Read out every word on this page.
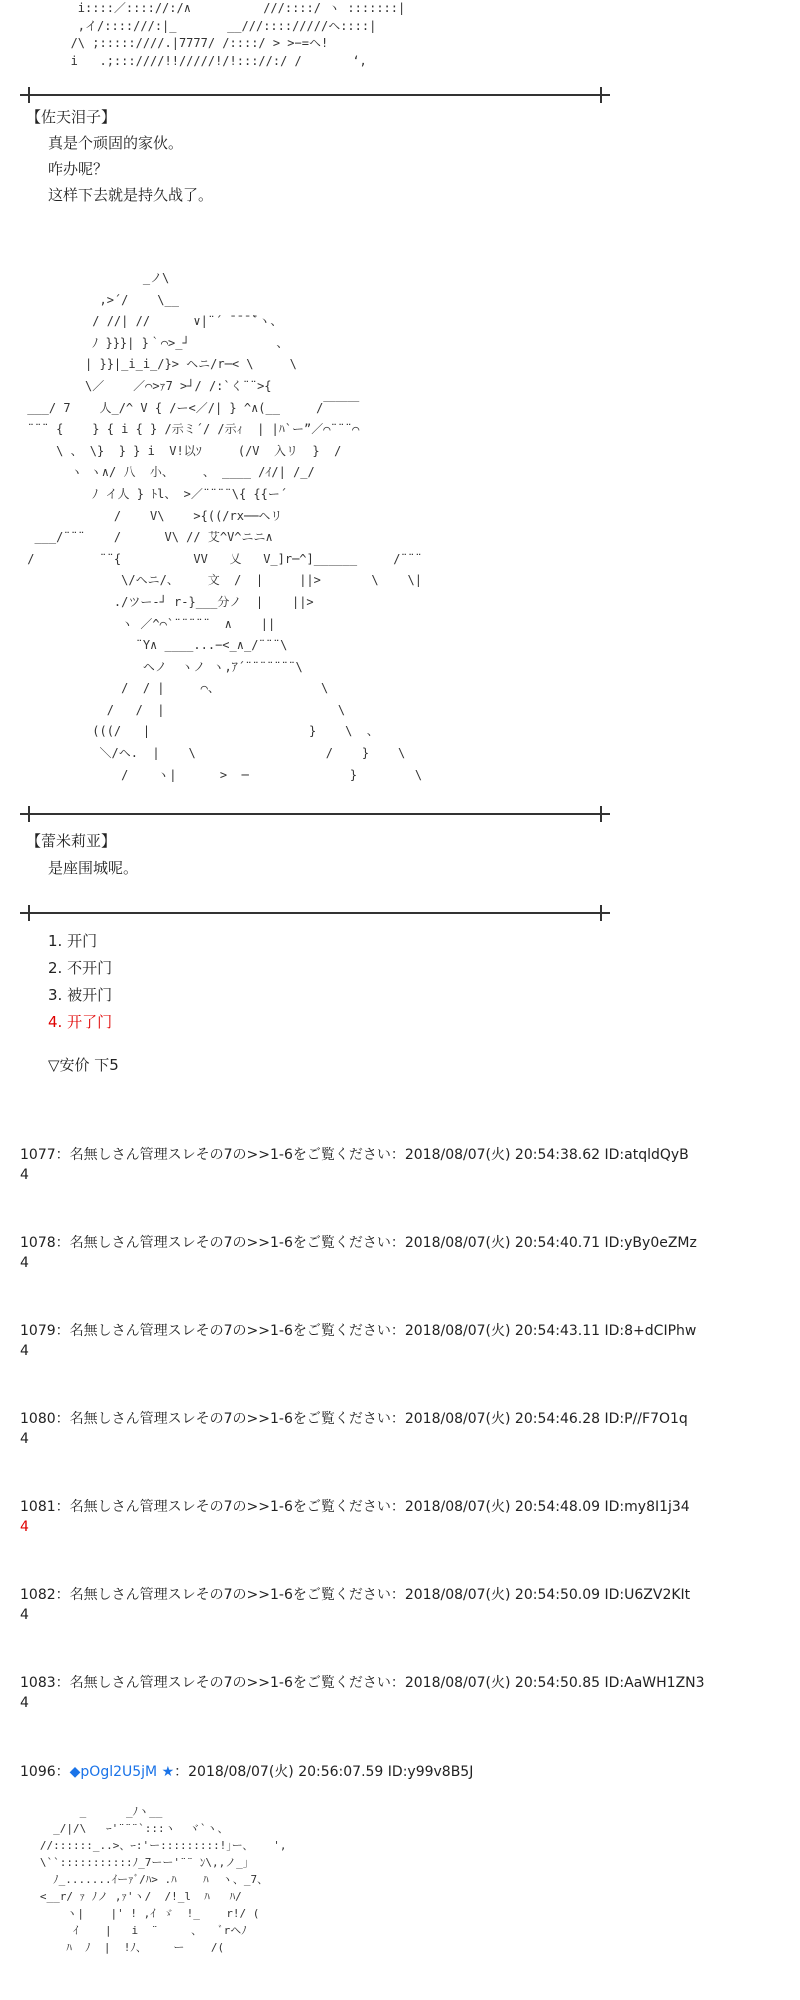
i::::／:::://:/∧          ///::::/ ヽ :::::::|
,イ/::::///:|_       __///:::://///ヘ::::|
/\ ;:::::////.|7777/ /::::/ > >−=ヘ!
i   .;:::////!!/////!/!::://:/ /       ‘,
【佐天泪子】
真是个顽固的家伙。
咋办呢？
这样下去就是持久战了。
_ノ\
,>´/    \__
/ //| //      ∨|¨´ ̄ ̄ ̄ ̄`ヽ、
ﾉ }}}| }｀⌒>_┘            、
| }}|_i_i_/}> ヘニ/r─< \     \
\／    ／⌒>ｧ7 >┘/ /:`く¨¨>{
___/ 7    人_/^ V { /ー<／/| } ^∧(__     /￣￣￣
¨¨¨ {    } { i { } /示ミ´/ /示ｨ  | |ﾊ`ー”／⌒¨¨¨⌒
\ 、 \}  } } i  V!以ｿ     (/V  入リ  }  /
ヽ ヽ∧/ 八  小、    、 ____ /ｲ/| /_/
ﾉ イ人 } ﾄl、 >／¨¨¨¨\{ {{ー´
/    V\    >{((/rx──ヘリ
___/¨¨¨    /      V\ // 艾^V^ニニ∧
/         ¨¨{          VV   乂   V_]r─^]______     /¨¨¨
\/ヘニ/、    文  /  |     ||>       \    \|
./ツー‐┘ r-}___分ノ  |    ||>
ヽ ／^⌒`¨¨¨¨¨  ∧    ||
¨Y∧ ____...−<_∧_/¨¨¨\
ヘノ  ヽノ ヽ,ｱ´¨¨¨¨¨¨¨\
/  / |     ⌒、              \
/   /  |                        \
(((/   |                      }    \  、
＼/ヘ.  |    \                  /    }    \
/    ヽ|      >  ─              }        \
【蕾米莉亚】
是座围城呢。
1. 开门
2. 不开门
3. 被开门
4. 开了门
▽安价 下5
1077：名無しさん管理スレその7の>>1-6をご覧ください：2018/08/07(火) 20:54:38.62 ID:atqldQyB
4
1078：名無しさん管理スレその7の>>1-6をご覧ください：2018/08/07(火) 20:54:40.71 ID:yBy0eZMz
4
1079：名無しさん管理スレその7の>>1-6をご覧ください：2018/08/07(火) 20:54:43.11 ID:8+dCIPhw
4
1080：名無しさん管理スレその7の>>1-6をご覧ください：2018/08/07(火) 20:54:46.28 ID:P//F7O1q
4
1081：名無しさん管理スレその7の>>1-6をご覧ください：2018/08/07(火) 20:54:48.09 ID:my8I1j34
4
1082：名無しさん管理スレその7の>>1-6をご覧ください：2018/08/07(火) 20:54:50.09 ID:U6ZV2KIt
4
1083：名無しさん管理スレその7の>>1-6をご覧ください：2018/08/07(火) 20:54:50.85 ID:AaWH1ZN3
4
1096：◆pOgl2U5jM ★：2018/08/07(火) 20:56:07.59 ID:y99v8B5J
_      _ﾉヽ__
_/|/\   ｰ'¨¨¨`:::ヽ  ヾ`ヽ、
//::::::_..>、ｰ:'ー:::::::::!｣ー、   ',
\``:::::::::::ﾉ_7ーー'¨¨ ﾝ\,,ノ_」
ﾉ_.......ｲーｧﾞ/ﾊ> .ﾊ    ﾊ  ヽ、_7、
<__r/ ｧ ﾉノ ,ｧ'ヽ/  /!_l  ﾊ   ﾊ/
ヽ|    |' ! ,ｲ ゞ  !_    r!/ (
ｲ    |   i  ¨     、   ﾞrヘﾉ
ﾊ  ﾉ  |  !ﾉ、    ー    /(
